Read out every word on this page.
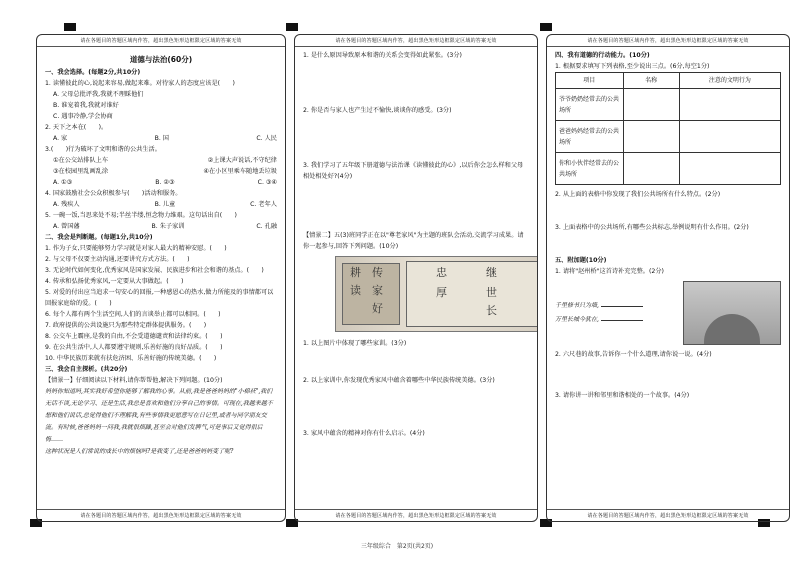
请在各题目的答题区域内作答，超出黑色矩形边框限定区域的答案无效
道德与法治(60分)
一、我会选择。(每题2分,共10分)
1. 读懂彼此的心,说起来容易,做起来难。对待家人的态度应该是(　　)
A. 父母总批评我,我就不理睬他们
B. 谁宠着我,我就对谁好
C. 遇事冷静,学会协商
2. 天下之本在(　　)。
A. 家	B. 国	C. 人民
3.(　　)行为破坏了文明和谐的公共生活。
①在公交站排队上车	②上课大声说话,不守纪律
③在校园里乱画乱涂	④在小区里乘车随地丢垃圾
A. ①③	B. ②③	C. ③④
4. 国家鼓励社会公众积极参与(　　)活动和服务。
A. 残疾人	B. 儿童	C. 老年人
5. 一碗一饭,当思来处不易;半丝半缕,恒念物力维艰。这句话出自(　　)
A. 曾国藩	B. 朱子家训	C. 孔融
二、我会是判断题。(每题1分,共10分)
1. 作为子女,只要能够努力学习就是对家人最大的精神安慰。(　　)
2. 与父母不仅要主动沟通,还要讲究方式方法。(　　)
3. 无论时代如何变化,优秀家风是国家发展、民族进步和社会和谐的基点。(　　)
4. 传承和弘扬优秀家风,一定要从大事做起。(　　)
5. 对爱的付出应当追求一句安心的回报,一种感恩心的热水,做力所能及的事情都可以回报家庭给的爱。(　　)
6. 每个人都有两个生活空间,人们的言谈举止都可以相同。(　　)
7. 政府提供的公共设施只为那些特定群体提供服务。(　　)
8. 公交车上霸座,是我的自由,不会受道德谴责和法律约束。(　　)
9. 在公共生活中,人人都要遵守规则,乐善好施的良好品质。(　　)
10. 中华民族历来就有扶危济困、乐善好施的传统美德。(　　)
三、我会自主探析。(共20分)
【情景一】仔细阅读以下材料,请你帮帮他,解决下列问题。(10分)
妈妈你知道吗,其实我好希望你能够了解我的心事。从前,我是爸爸妈妈的"小棉袄",我们无话不谈,无论学习、还是生活,我总是喜欢和他们分享自己的事情。可现在,我越来越不想和他们说话,总觉得他们不理解我,有些事情我更愿意写在日记里,或者与同学朋友交流。有时候,爸爸妈妈一问我,我就很烦躁,甚至会对他们发脾气,可是事后又觉得很后悔……
这种状况是人们常说的成长中的烦恼吗?是我变了,还是爸爸妈妈变了呢?
请在各题目的答题区域内作答，超出黑色矩形边框限定区域的答案无效
请在各题目的答题区域内作答，超出黑色矩形边框限定区域的答案无效
1. 是什么原因导致原本和谐的关系会变得如此紧张。(3分)
2. 你是否与家人也产生过不愉快,谈谈你的感受。(3分)
3. 我们学习了五年级下册道德与法治课《读懂彼此的心》,以后你会怎么样和父母相处相处好?(4分)
【情景二】五(3)班同学正在以"尊老家风"为主题的班队会活动,交流学习成果。请你一起参与,回答下列问题。(10分)
耕
读
传
家
好
忠
厚
继
世
长
1. 以上图片中体现了哪些家训。(3分)
2. 以上家训中,你发现优秀家风中蕴含着哪些中华民族传统美德。(3分)
3. 家风中蕴含的精神对你有什么启示。(4分)
请在各题目的答题区域内作答，超出黑色矩形边框限定区域的答案无效
请在各题目的答题区域内作答，超出黑色矩形边框限定区域的答案无效
四、我有道德的行动能力。(10分)
1. 根据要求填写下列表格,至少说出三点。(6分,每空1分)
项目	名称	注意的文明行为
爷爷奶奶经常去的公共场所		
爸爸妈妈经常去的公共场所		
你和小伙伴经常去的公共场所		
2. 从上面的表格中你发现了我们公共场所有什么特点。(2分)
3. 上面表格中的公共场所,有哪些公共标志,举例说明有什么作用。(2分)
五、附加题(10分)
1. 请将"赵州桥"这首诗补充完整。(2分)
千里修书只为墙,
万里长城今犹在,
2. 六尺巷的故事,告诉你一个什么道理,请你说一说。(4分)
3. 请你讲一讲和邻里和谐相处的一个故事。(4分)
请在各题目的答题区域内作答，超出黑色矩形边框限定区域的答案无效
三年级综合　第2页(共2页)
